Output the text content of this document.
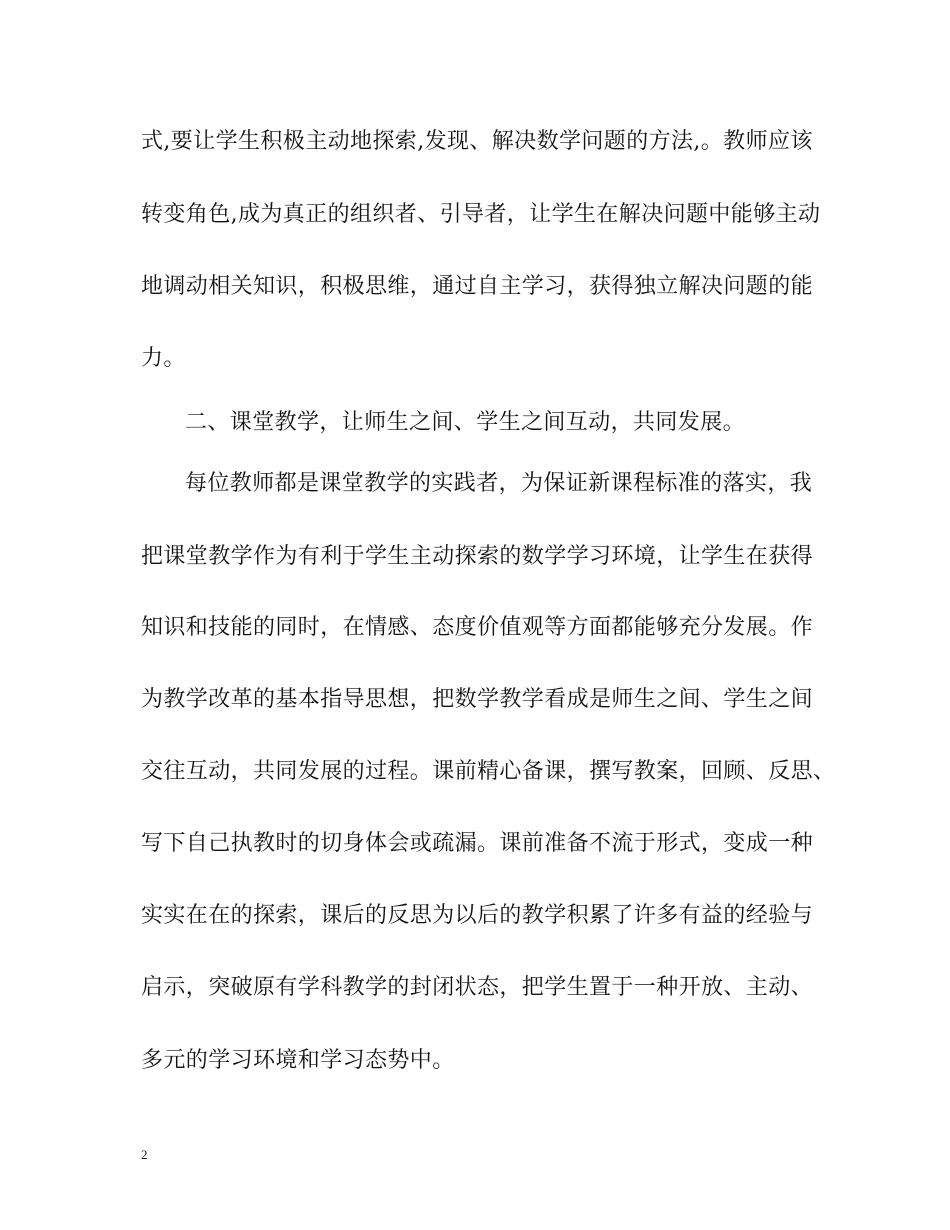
式,要让学生积极主动地探索,发现、解决数学问题的方法,。教师应该
转变角色,成为真正的组织者、引导者，让学生在解决问题中能够主动
地调动相关知识，积极思维，通过自主学习，获得独立解决问题的能
力。
二、课堂教学，让师生之间、学生之间互动，共同发展。
每位教师都是课堂教学的实践者，为保证新课程标准的落实，我
把课堂教学作为有利于学生主动探索的数学学习环境，让学生在获得
知识和技能的同时，在情感、态度价值观等方面都能够充分发展。作
为教学改革的基本指导思想，把数学教学看成是师生之间、学生之间
交往互动，共同发展的过程。课前精心备课，撰写教案，回顾、反思、
写下自己执教时的切身体会或疏漏。课前准备不流于形式，变成一种
实实在在的探索，课后的反思为以后的教学积累了许多有益的经验与
启示，突破原有学科教学的封闭状态，把学生置于一种开放、主动、
多元的学习环境和学习态势中。
2
